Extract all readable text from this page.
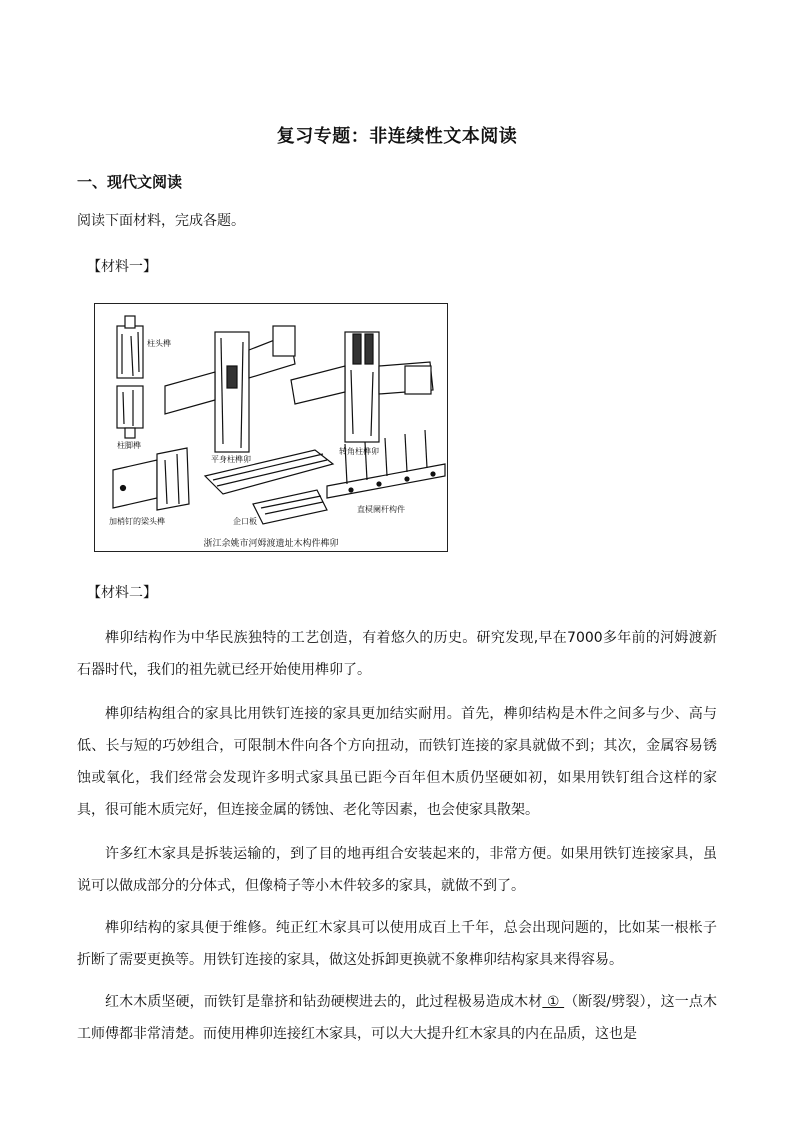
复习专题：非连续性文本阅读
一、现代文阅读
阅读下面材料，完成各题。
【材料一】
柱头榫
柱脚榫
平身柱榫卯
转角柱榫卯
加梢钉的梁头榫	企口板
直棂阑杆构件
浙江余姚市河姆渡遗址木构件榫卯
【材料二】

榫卯结构作为中华民族独特的工艺创造，有着悠久的历史。研究发现,早在7000多年前的河姆渡新石器时代，我们的祖先就已经开始使用榫卯了。

榫卯结构组合的家具比用铁钉连接的家具更加结实耐用。首先，榫卯结构是木件之间多与少、高与低、长与短的巧妙组合，可限制木件向各个方向扭动，而铁钉连接的家具就做不到；其次，金属容易锈蚀或氧化，我们经常会发现许多明式家具虽已距今百年但木质仍坚硬如初，如果用铁钉组合这样的家具，很可能木质完好，但连接金属的锈蚀、老化等因素，也会使家具散架。

许多红木家具是拆装运输的，到了目的地再组合安装起来的，非常方便。如果用铁钉连接家具，虽说可以做成部分的分体式，但像椅子等小木件较多的家具，就做不到了。

榫卯结构的家具便于维修。纯正红木家具可以使用成百上千年，总会出现问题的，比如某一根枨子折断了需要更换等。用铁钉连接的家具，做这处拆卸更换就不象榫卯结构家具来得容易。

红木木质坚硬，而铁钉是靠挤和钻劲硬楔进去的，此过程极易造成木材 ① （断裂/劈裂），这一点木工师傅都非常清楚。而使用榫卯连接红木家具，可以大大提升红木家具的内在品质，这也是
